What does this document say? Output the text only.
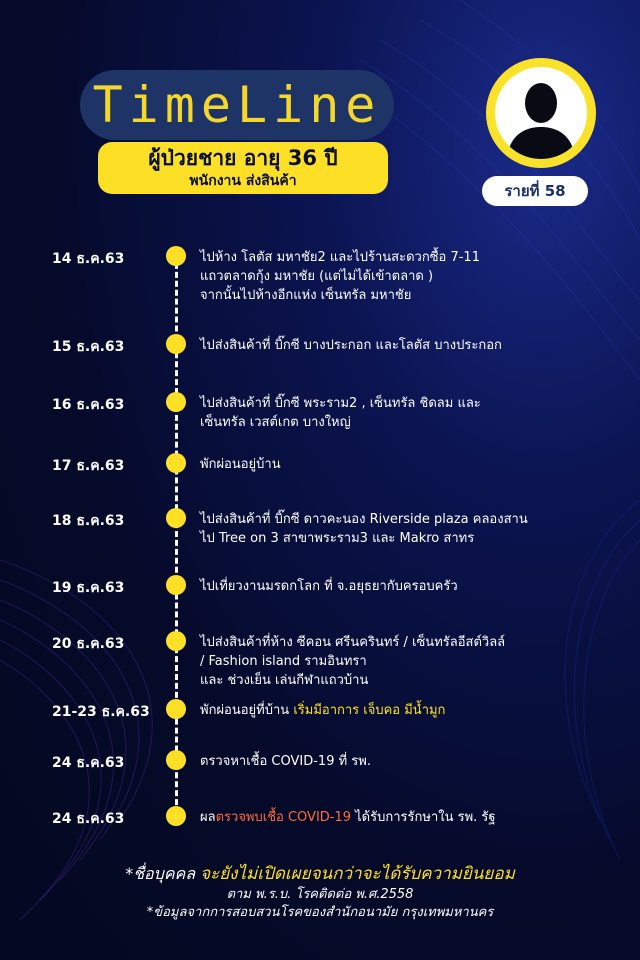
TimeLine
ผู้ป่วยชาย อายุ 36 ปี
พนักงาน ส่งสินค้า
รายที่ 58
14 ธ.ค.63	ไปห้าง โลตัส มหาชัย2 และไปร้านสะดวกซื้อ 7-11
แถวตลาดกุ้ง มหาชัย (แต่ไม่ได้เข้าตลาด )
จากนั้นไปห้างอีกแห่ง เซ็นทรัล มหาชัย
15 ธ.ค.63	ไปส่งสินค้าที่ บิ๊กซี บางประกอก และโลตัส บางประกอก
16 ธ.ค.63	ไปส่งสินค้าที่ บิ๊กซี พระราม2 , เซ็นทรัล ชิดลม และ
เซ็นทรัล เวสต์เกต บางใหญ่
17 ธ.ค.63	พักผ่อนอยู่บ้าน
18 ธ.ค.63	ไปส่งสินค้าที่ บิ๊กซี ดาวคะนอง Riverside plaza คลองสาน
ไป Tree on 3 สาขาพระราม3 และ Makro สาทร
19 ธ.ค.63	ไปเที่ยวงานมรดกโลก ที่ จ.อยุธยากับครอบครัว
20 ธ.ค.63	ไปส่งสินค้าที่ห้าง ซีคอน ศรีนครินทร์ / เซ็นทรัลอีสต์วิลล์
/ Fashion island รามอินทรา
และ ช่วงเย็น เล่นกีฬาแถวบ้าน
21-23 ธ.ค.63	พักผ่อนอยู่ที่บ้าน เริ่มมีอาการ เจ็บคอ มีน้ำมูก
24 ธ.ค.63	ตรวจหาเชื้อ COVID-19 ที่ รพ.
24 ธ.ค.63	ผลตรวจพบเชื้อ COVID-19 ได้รับการรักษาใน รพ. รัฐ
*ชื่อบุคคล จะยังไม่เปิดเผยจนกว่าจะได้รับความยินยอม
ตาม พ.ร.บ. โรคติดต่อ พ.ศ.2558
*ข้อมูลจากการสอบสวนโรคของสำนักอนามัย กรุงเทพมหานคร
